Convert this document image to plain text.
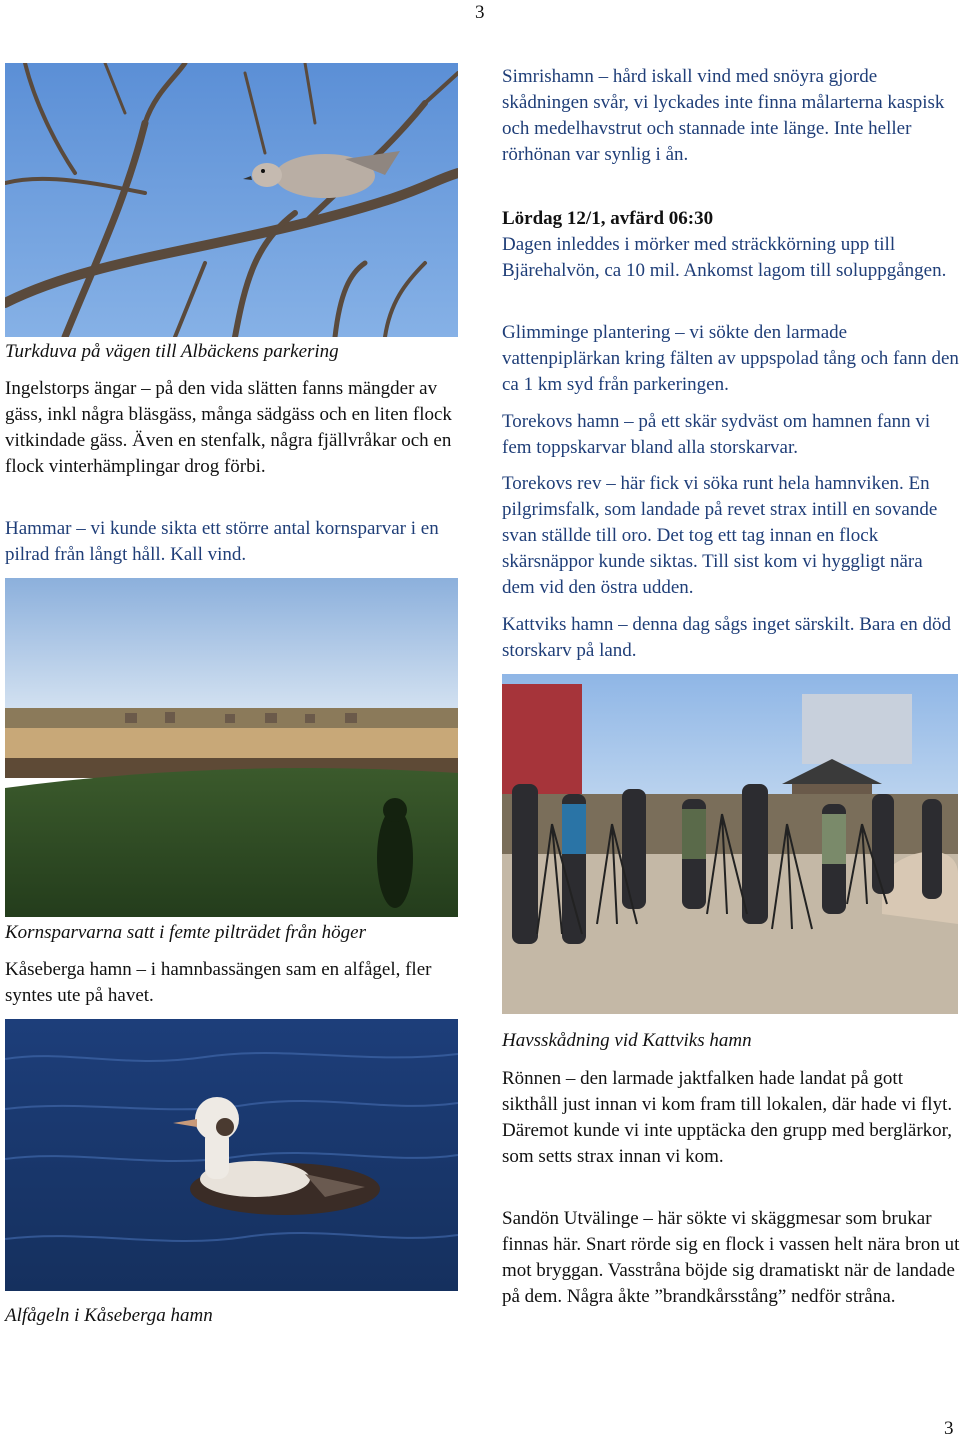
3

Turkduva på vägen till Albäckens parkering

Ingelstorps ängar – på den vida slätten fanns mängder av gäss, inkl några bläsgäss, många sädgäss och en liten flock vitkindade gäss. Även en stenfalk, några fjällvråkar och en flock vinterhämplingar drog förbi.

Hammar – vi kunde sikta ett större antal kornsparvar i en pilrad från långt håll. Kall vind.

Kornsparvarna satt i femte pilträdet från höger

Kåseberga hamn – i hamnbassängen sam en alfågel, fler syntes ute på havet.

Alfågeln i Kåseberga hamn

Simrishamn – hård iskall vind med snöyra gjorde skådningen svår, vi lyckades inte finna målarterna kaspisk och medelhavstrut och stannade inte länge. Inte heller rörhönan var synlig i ån.

Lördag 12/1, avfärd 06:30

Dagen inleddes i mörker med sträckkörning upp till Bjärehalvön, ca 10 mil. Ankomst lagom till soluppgången.

Glimminge plantering – vi sökte den larmade vattenpiplärkan kring fälten av uppspolad tång och fann den ca 1 km syd från parkeringen.

Torekovs hamn – på ett skär sydväst om hamnen fann vi fem toppskarvar bland alla storskarvar.

Torekovs rev – här fick vi söka runt hela hamnviken. En pilgrimsfalk, som landade på revet strax intill en sovande svan ställde till oro. Det tog ett tag innan en flock skärsnäppor kunde siktas. Till sist kom vi hyggligt nära dem vid den östra udden.

Kattviks hamn – denna dag sågs inget särskilt. Bara en död storskarv på land.

Havsskådning vid Kattviks hamn

Rönnen – den larmade jaktfalken hade landat på gott sikthåll just innan vi kom fram till lokalen, där hade vi flyt. Däremot kunde vi inte upptäcka den grupp med berglärkor, som setts strax innan vi kom.

Sandön Utvälinge – här sökte vi skäggmesar som brukar finnas här. Snart rörde sig en flock i vassen helt nära bron ut mot bryggan. Vasstråna böjde sig dramatiskt när de landade på dem. Några åkte ”brandkårsstång” nedför stråna.

3
